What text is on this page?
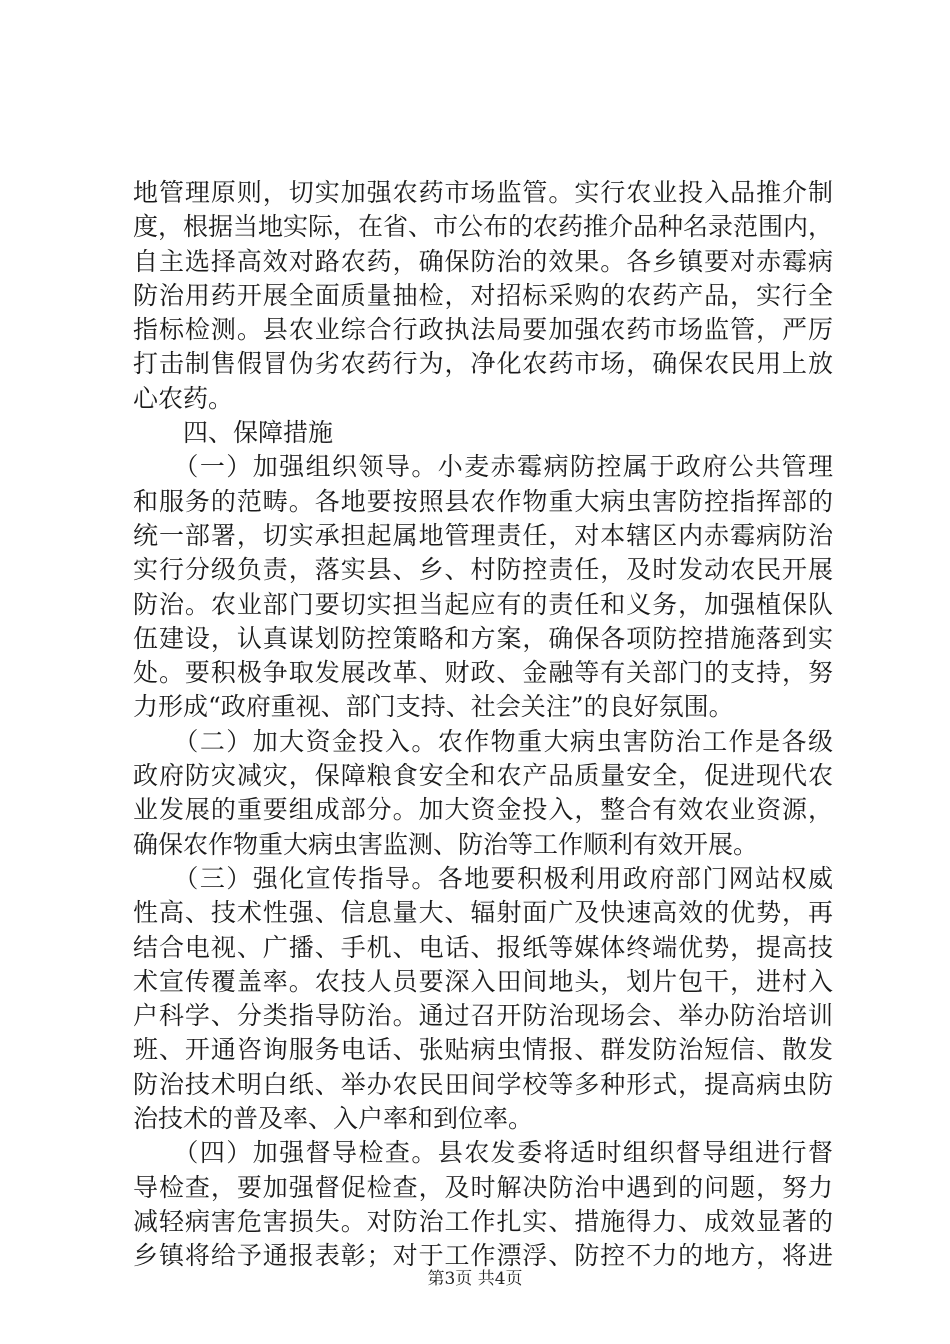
地管理原则，切实加强农药市场监管。实行农业投入品推介制
度，根据当地实际，在省、市公布的农药推介品种名录范围内，
自主选择高效对路农药，确保防治的效果。各乡镇要对赤霉病
防治用药开展全面质量抽检，对招标采购的农药产品，实行全
指标检测。县农业综合行政执法局要加强农药市场监管，严厉
打击制售假冒伪劣农药行为，净化农药市场，确保农民用上放
心农药。
　　四、保障措施
　　（一）加强组织领导。小麦赤霉病防控属于政府公共管理
和服务的范畴。各地要按照县农作物重大病虫害防控指挥部的
统一部署，切实承担起属地管理责任，对本辖区内赤霉病防治
实行分级负责，落实县、乡、村防控责任，及时发动农民开展
防治。农业部门要切实担当起应有的责任和义务，加强植保队
伍建设，认真谋划防控策略和方案，确保各项防控措施落到实
处。要积极争取发展改革、财政、金融等有关部门的支持，努
力形成“政府重视、部门支持、社会关注”的良好氛围。
　　（二）加大资金投入。农作物重大病虫害防治工作是各级
政府防灾减灾，保障粮食安全和农产品质量安全，促进现代农
业发展的重要组成部分。加大资金投入，整合有效农业资源，
确保农作物重大病虫害监测、防治等工作顺利有效开展。
　　（三）强化宣传指导。各地要积极利用政府部门网站权威
性高、技术性强、信息量大、辐射面广及快速高效的优势，再
结合电视、广播、手机、电话、报纸等媒体终端优势，提高技
术宣传覆盖率。农技人员要深入田间地头，划片包干，进村入
户科学、分类指导防治。通过召开防治现场会、举办防治培训
班、开通咨询服务电话、张贴病虫情报、群发防治短信、散发
防治技术明白纸、举办农民田间学校等多种形式，提高病虫防
治技术的普及率、入户率和到位率。
　　（四）加强督导检查。县农发委将适时组织督导组进行督
导检查，要加强督促检查，及时解决防治中遇到的问题，努力
减轻病害危害损失。对防治工作扎实、措施得力、成效显著的
乡镇将给予通报表彰；对于工作漂浮、防控不力的地方，将进
第3页 共4页
